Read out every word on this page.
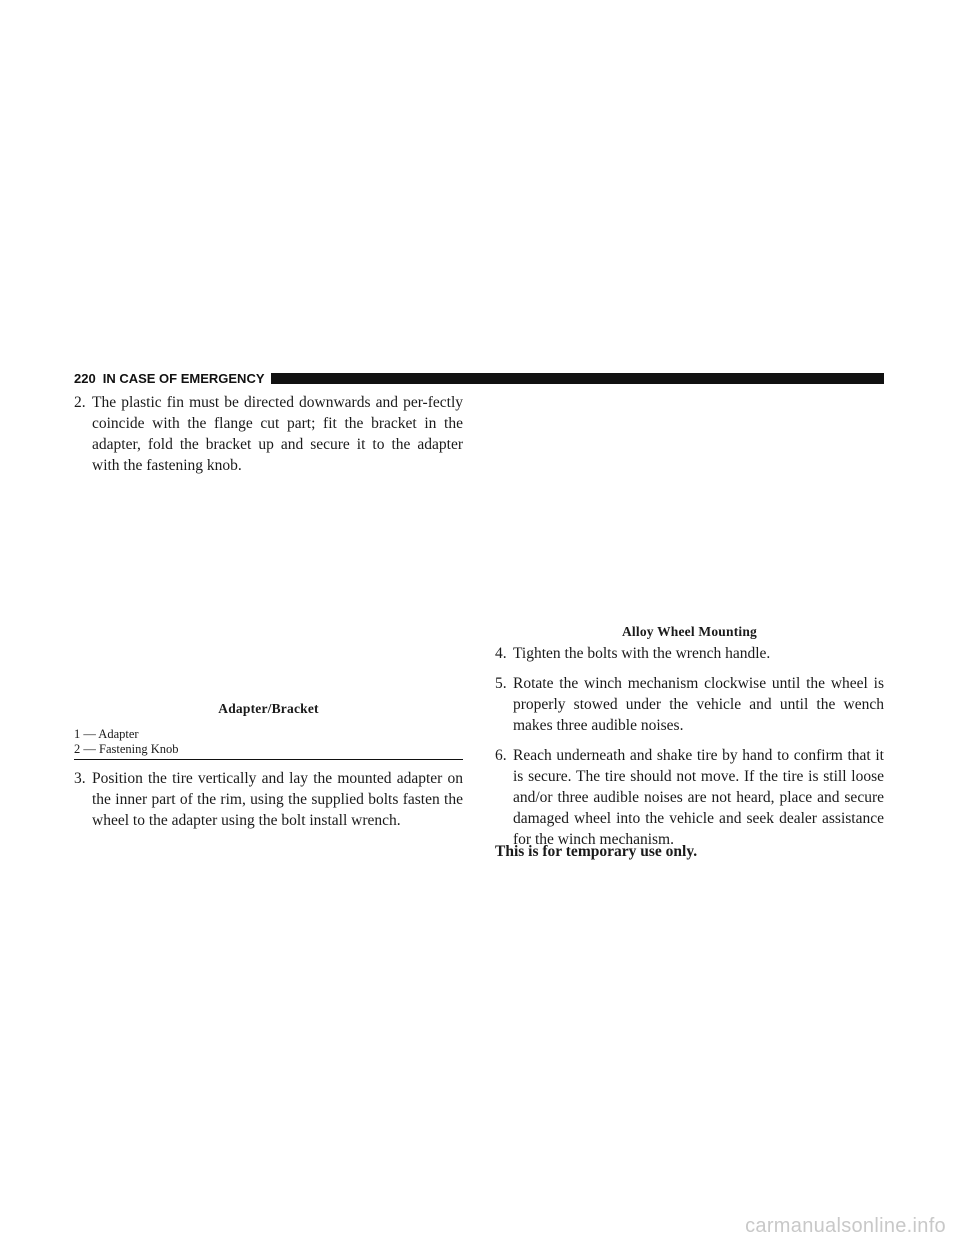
220 IN CASE OF EMERGENCY

2. The plastic fin must be directed downwards and per-fectly coincide with the flange cut part; fit the bracket in the adapter, fold the bracket up and secure it to the adapter with the fastening knob.

Adapter/Bracket
1 — Adapter
2 — Fastening Knob

3. Position the tire vertically and lay the mounted adapter on the inner part of the rim, using the supplied bolts fasten the wheel to the adapter using the bolt install wrench.

Alloy Wheel Mounting

4. Tighten the bolts with the wrench handle.

5. Rotate the winch mechanism clockwise until the wheel is properly stowed under the vehicle and until the wench makes three audible noises.

6. Reach underneath and shake tire by hand to confirm that it is secure. The tire should not move. If the tire is still loose and/or three audible noises are not heard, place and secure damaged wheel into the vehicle and seek dealer assistance for the winch mechanism.

This is for temporary use only.
carmanualsonline.info
